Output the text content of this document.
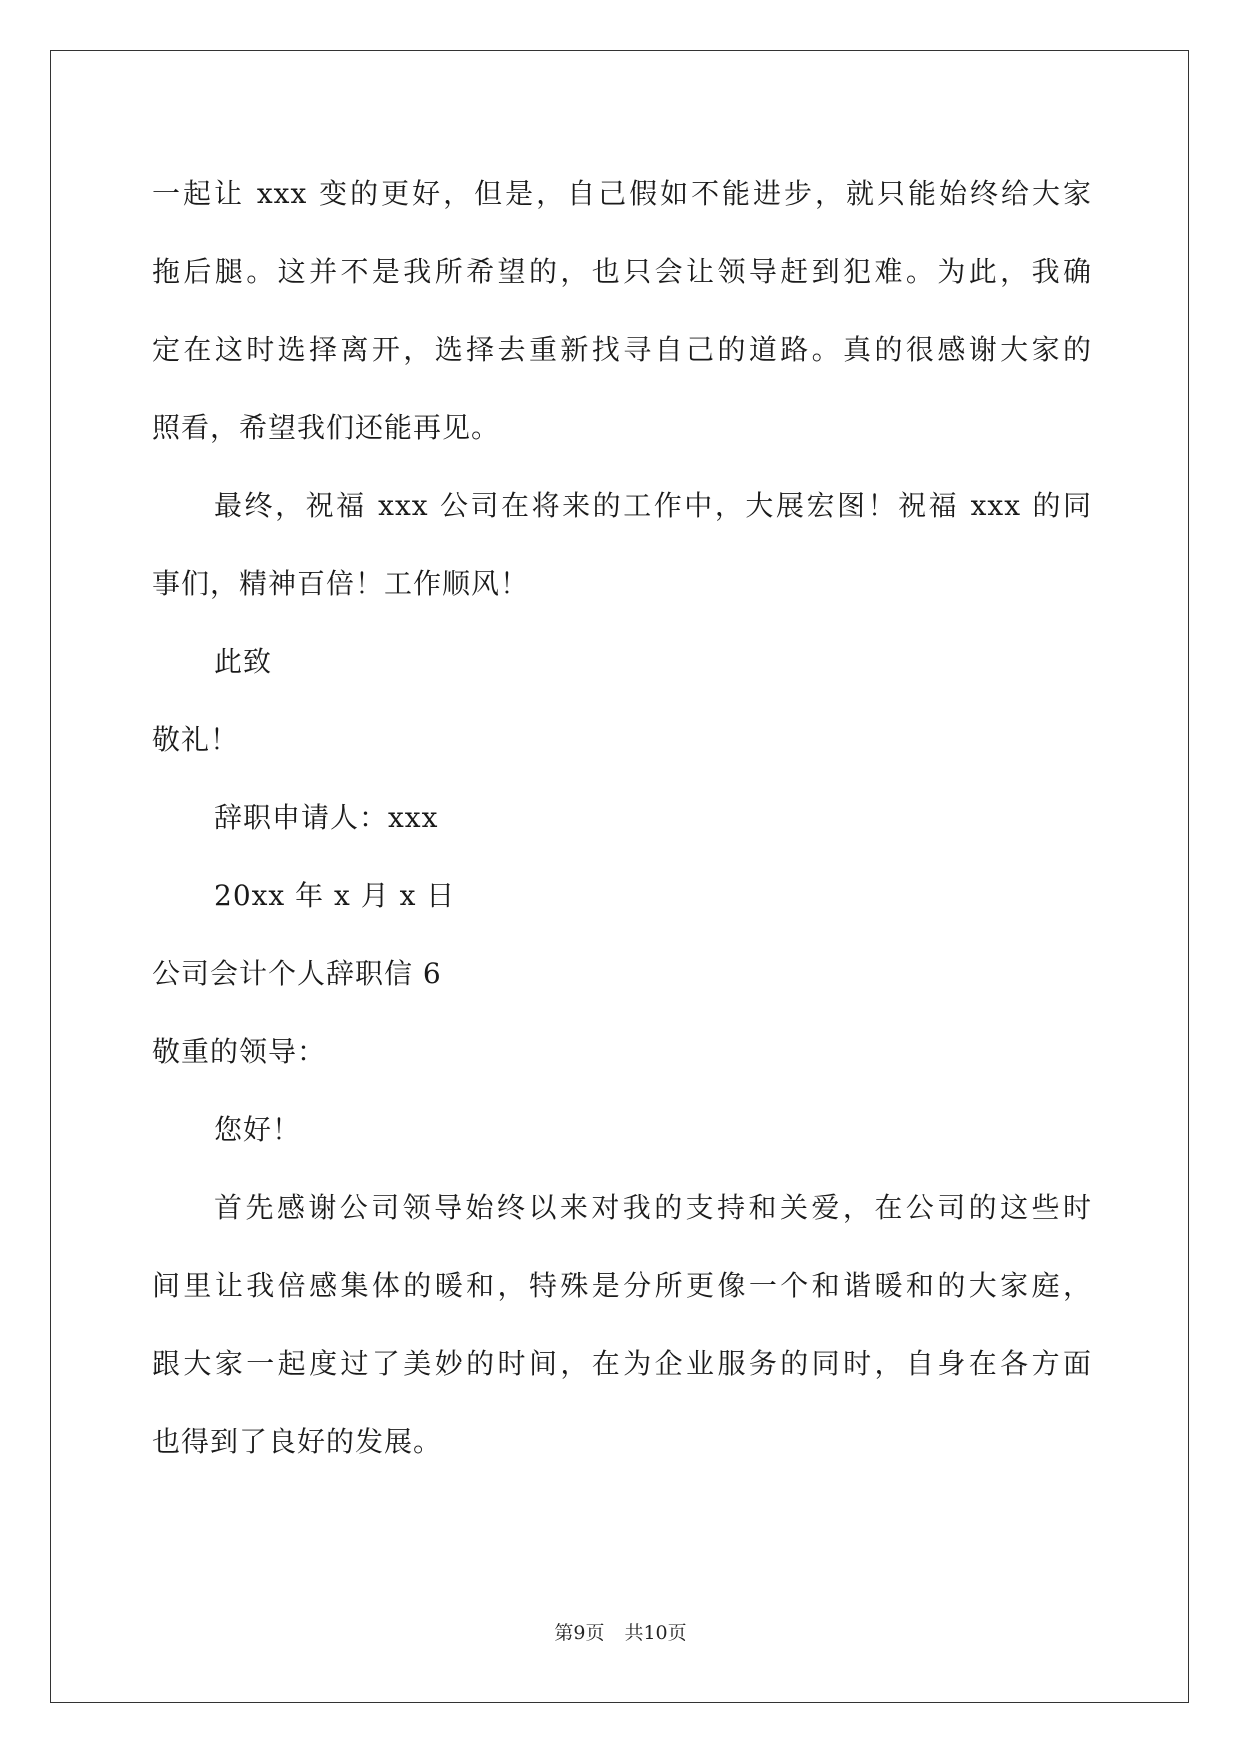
一起让 xxx 变的更好，但是，自己假如不能进步，就只能始终给大家
拖后腿。这并不是我所希望的，也只会让领导赶到犯难。为此，我确
定在这时选择离开，选择去重新找寻自己的道路。真的很感谢大家的
照看，希望我们还能再见。
最终，祝福 xxx 公司在将来的工作中，大展宏图！祝福 xxx 的同
事们，精神百倍！工作顺风！
此致
敬礼！
辞职申请人：xxx
20xx 年 x 月 x 日
公司会计个人辞职信 6
敬重的领导：
您好！
首先感谢公司领导始终以来对我的支持和关爱，在公司的这些时
间里让我倍感集体的暖和，特殊是分所更像一个和谐暖和的大家庭，
跟大家一起度过了美妙的时间，在为企业服务的同时，自身在各方面
也得到了良好的发展。
第9页 共10页
